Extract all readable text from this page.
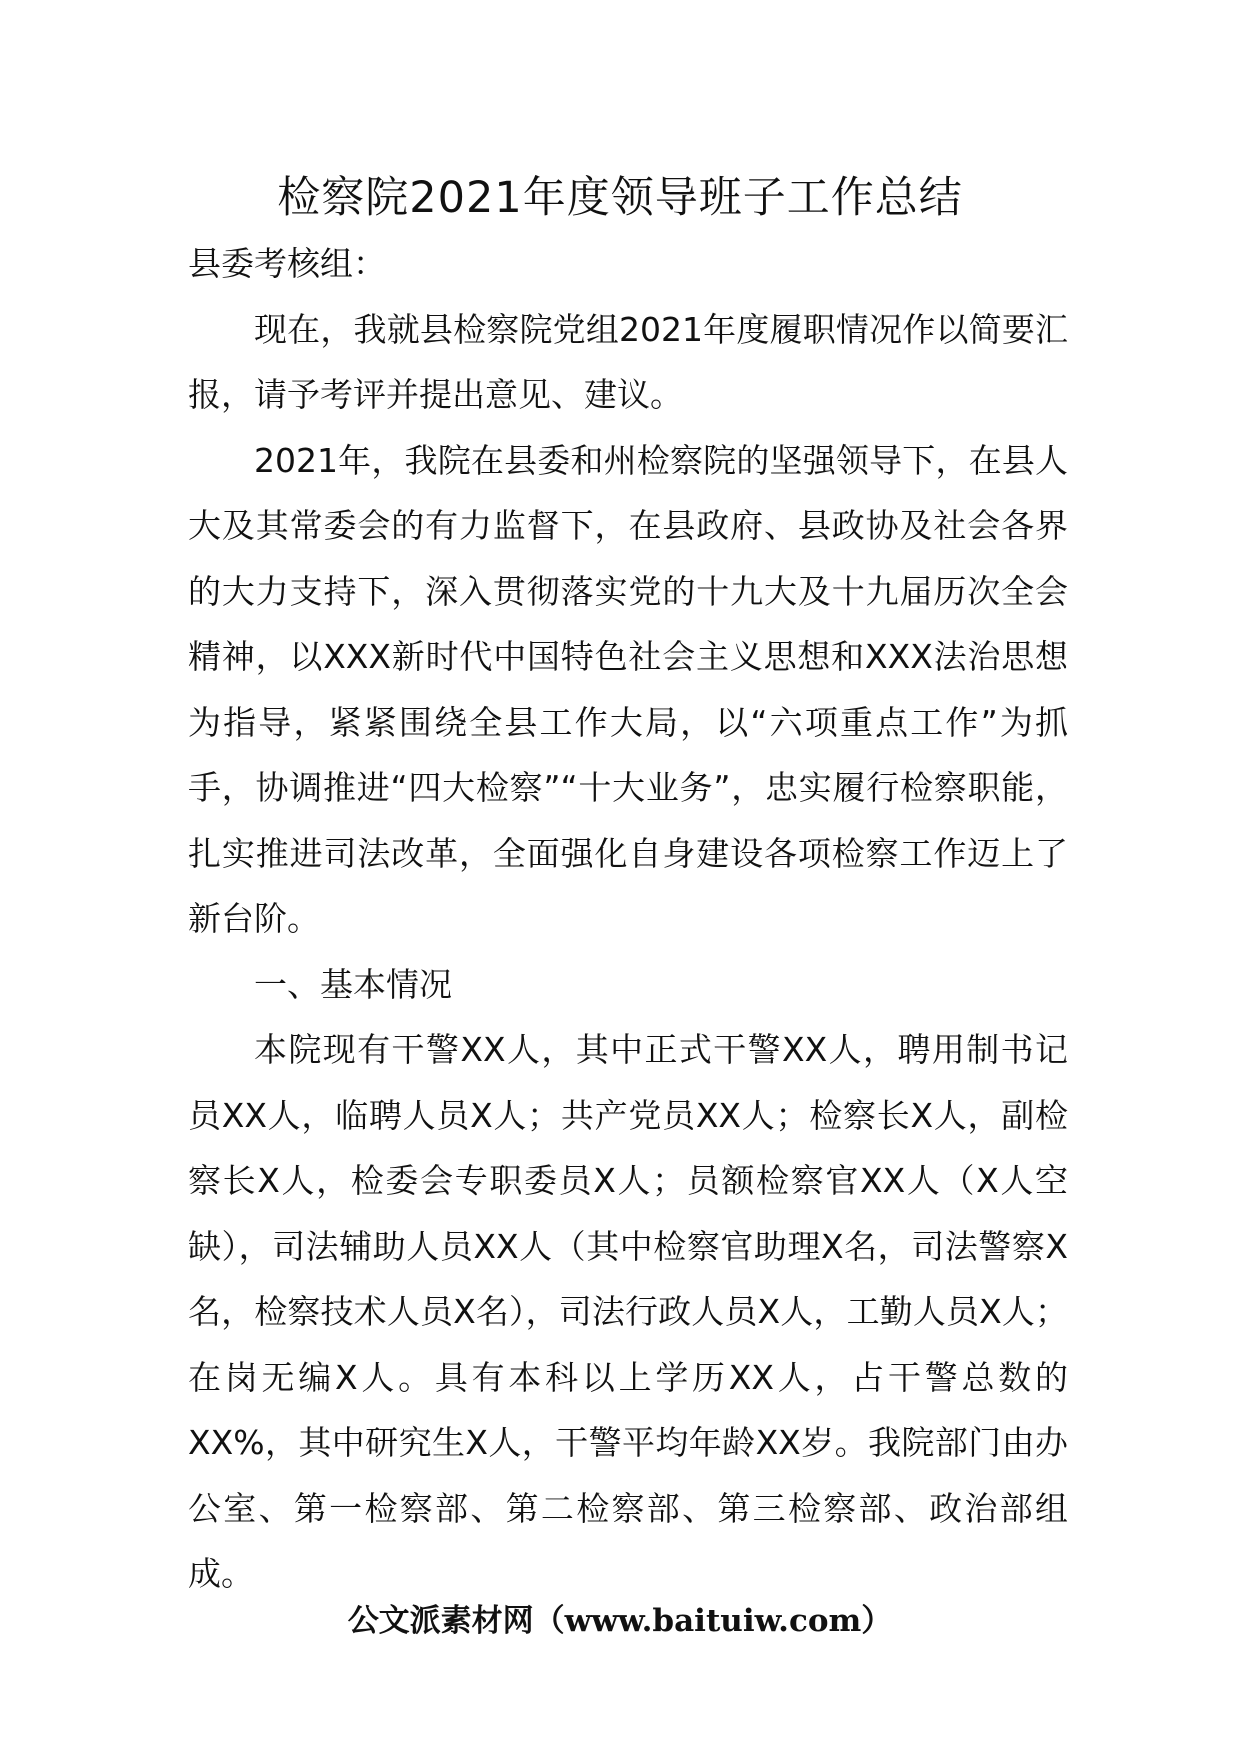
检察院2021年度领导班子工作总结

县委考核组：

现在，我就县检察院党组2021年度履职情况作以简要汇报，请予考评并提出意见、建议。

2021年，我院在县委和州检察院的坚强领导下，在县人大及其常委会的有力监督下，在县政府、县政协及社会各界的大力支持下，深入贯彻落实党的十九大及十九届历次全会精神，以XXX新时代中国特色社会主义思想和XXX法治思想为指导，紧紧围绕全县工作大局，以“六项重点工作”为抓手，协调推进“四大检察”“十大业务”，忠实履行检察职能，扎实推进司法改革，全面强化自身建设各项检察工作迈上了新台阶。

一、基本情况

本院现有干警XX人，其中正式干警XX人，聘用制书记员XX人，临聘人员X人；共产党员XX人；检察长X人，副检察长X人，检委会专职委员X人；员额检察官XX人（X人空缺），司法辅助人员XX人（其中检察官助理X名，司法警察X名，检察技术人员X名），司法行政人员X人，工勤人员X人；在岗无编X人。具有本科以上学历XX人，占干警总数的XX%，其中研究生X人，干警平均年龄XX岁。我院部门由办公室、第一检察部、第二检察部、第三检察部、政治部组成。

公文派素材网（www.baituiw.com）
